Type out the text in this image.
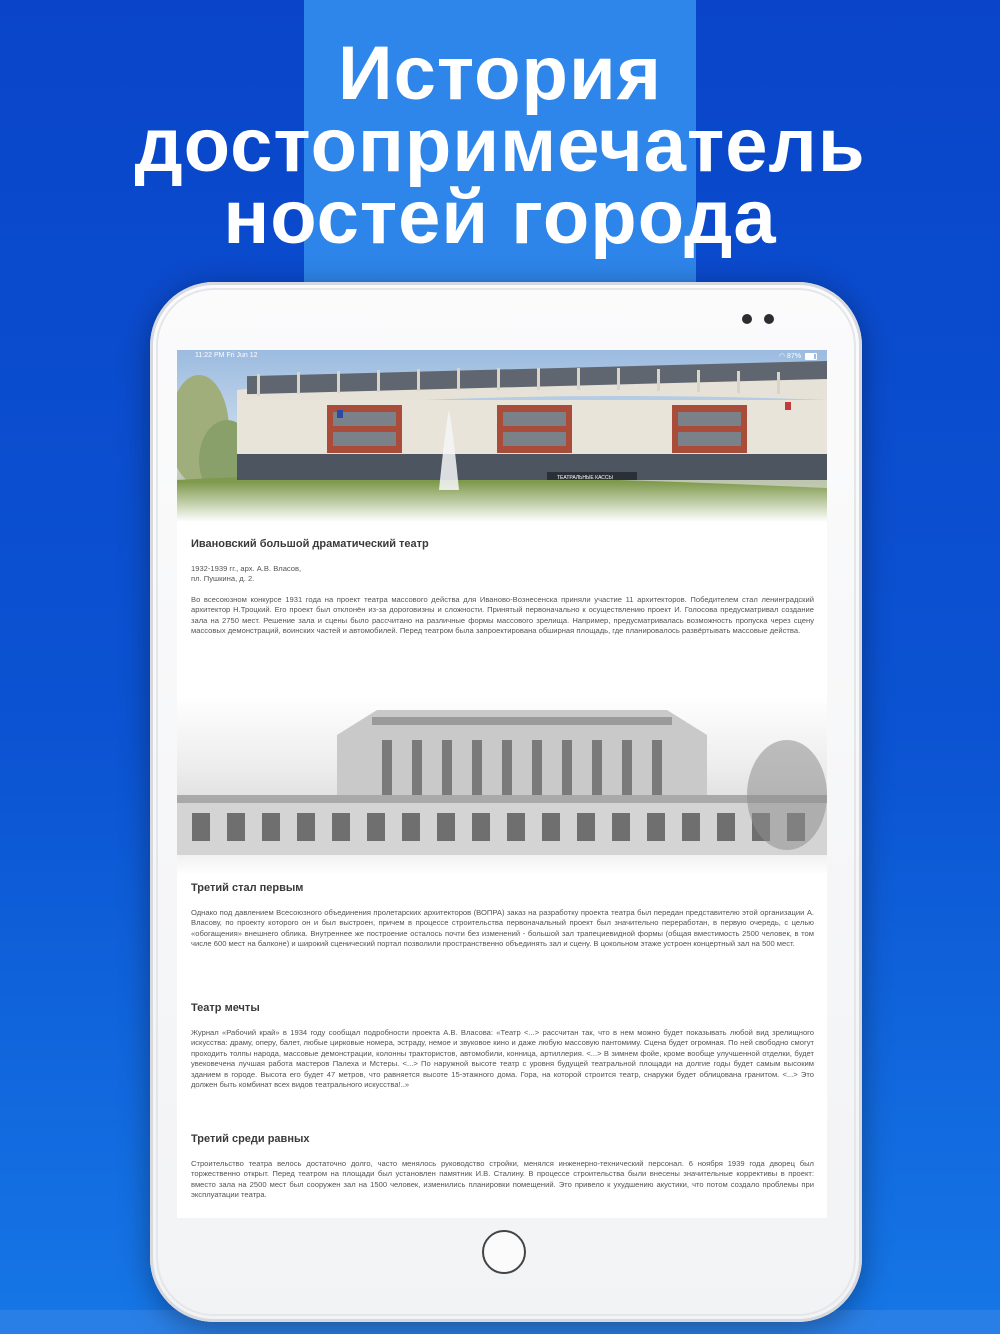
История
достопримечатель
ностей города
11:22 PM Fri Jun 12	◠ 87%
ТЕАТРАЛЬНЫЕ КАССЫ
Ивановский большой драматический театр
1932-1939 гг., арх. А.В. Власов,
пл. Пушкина, д. 2.

Во всесоюзном конкурсе 1931 года на проект театра массового действа для Иваново-Вознесенска приняли участие 11 архитекторов. Победителем стал ленинградский архитектор Н.Троцкий. Его проект был отклонён из-за дороговизны и сложности. Принятый первоначально к осуществлению проект И. Голосова предусматривал создание зала на 2750 мест. Решение зала и сцены было рассчитано на различные формы массового зрелища. Например, предусматривалась возможность пропуска через сцену массовых демонстраций, воинских частей и автомобилей. Перед театром была запроектирована обширная площадь, где планировалось развёртывать массовые действа.

Третий стал первым

Однако под давлением Всесоюзного объединения пролетарских архитекторов (ВОПРА) заказ на разработку проекта театра был передан представителю этой организации А. Власову, по проекту которого он и был выстроен, причем в процессе строительства первоначальный проект был значительно переработан, в первую очередь, с целью «обогащения» внешнего облика. Внутреннее же построение осталось почти без изменений - большой зал трапециевидной формы (общая вместимость 2500 человек, в том числе 600 мест на балконе) и широкий сценический портал позволили пространственно объединять зал и сцену. В цокольном этаже устроен концертный зал на 500 мест.

Театр мечты

Журнал «Рабочий край» в 1934 году сообщал подробности проекта А.В. Власова: «Театр <...> рассчитан так, что в нем можно будет показывать любой вид зрелищного искусства: драму, оперу, балет, любые цирковые номера, эстраду, немое и звуковое кино и даже любую массовую пантомиму. Сцена будет огромная. По ней свободно смогут проходить толпы народа, массовые демонстрации, колонны трактористов, автомобили, конница, артиллерия. <...> В зимнем фойе, кроме вообще улучшенной отделки, будет увековечена лучшая работа мастеров Палеха и Мстеры. <...> По наружной высоте театр с уровня будущей театральной площади на долгие годы будет самым высоким зданием в городе. Высота его будет 47 метров, что равняется высоте 15-этажного дома. Гора, на которой строится театр, снаружи будет облицована гранитом. <...> Это должен быть комбинат всех видов театрального искусства!..»

Третий среди равных

Строительство театра велось достаточно долго, часто менялось руководство стройки, менялся инженерно-технический персонал. 6 ноября 1939 года дворец был торжественно открыт. Перед театром на площади был установлен памятник И.В. Сталину. В процессе строительства были внесены значительные коррективы в проект: вместо зала на 2500 мест был сооружен зал на 1500 человек, изменились планировки помещений. Это привело к ухудшению акустики, что потом создало проблемы при эксплуатации театра.
